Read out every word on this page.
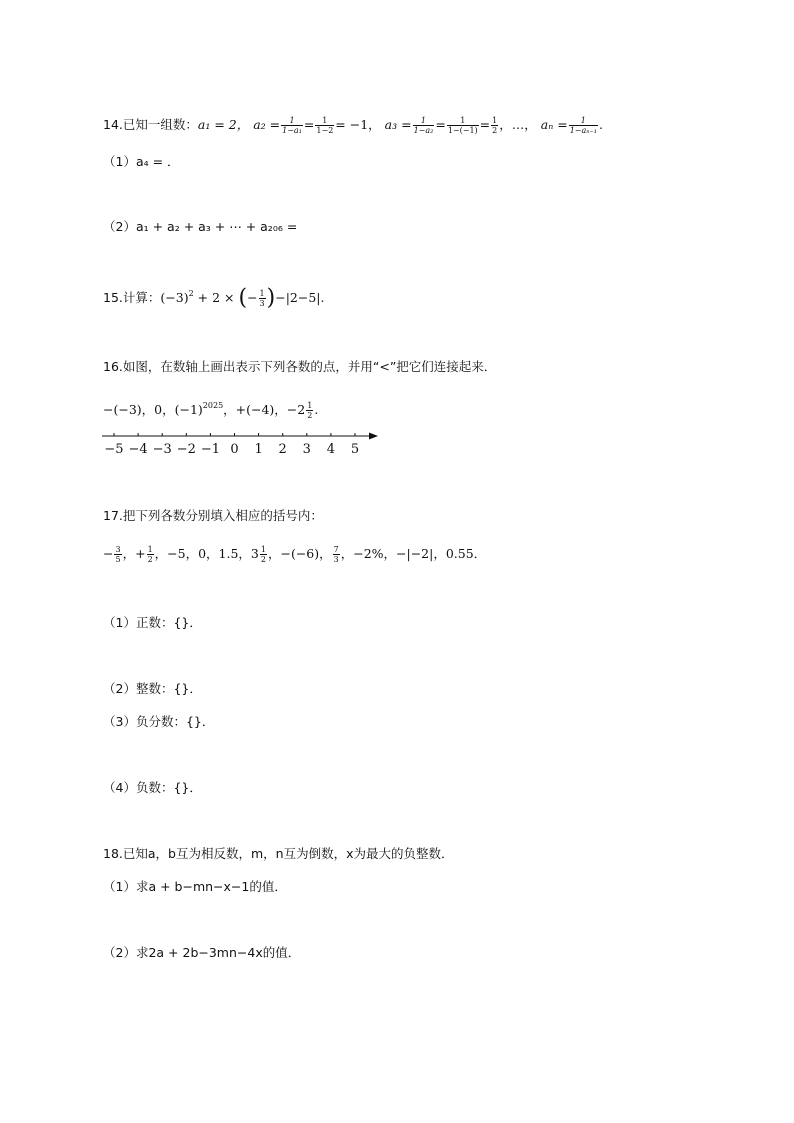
14.已知一组数：a₁ = 2， $a_2 = \frac{1}{\text{1−a₁}} = \frac{1}{1-2} = -1$， $a_3 = \frac{1}{\text{1−a₂}} = \frac{1}{1-(-1)} = \frac{1}{2}$ ，…， $a_n = \frac{1}{\text{1−aₙ₋₁}}$ .
（1）a₄ = ．
（2）a₁ + a₂ + a₃ + ⋯ + a₂₀₆ =
15.计算：$(-3)^2 + 2$ × (− $\frac{1}{3} )-|2-5|$.
16.如图，在数轴上画出表示下列各数的点，并用“<”把它们连接起来．
−(−3)，0，$(-1)^{2025}$，+(−4)，$-2 \frac{1}{2}$ .
−5 −4 −3 −2 −1 0 1 2 3 4 5
17.把下列各数分别填入相应的括号内：
− $\frac{3}{5}$ ，+ $\frac{1}{2}$ ，−5，0，1.5，$3 \frac{1}{2}$ ，−(−6)， $\frac{7}{3}$ ，−2%，−|−2|，0.55．
（1）正数：{}．
（2）整数：{}．
（3）负分数：{}．
（4）负数：{}．
18.已知a，b互为相反数，m，n互为倒数，x为最大的负整数．
（1）求a + b−mn−x−1的值．
（2）求2a + 2b−3mn−4x的值．
